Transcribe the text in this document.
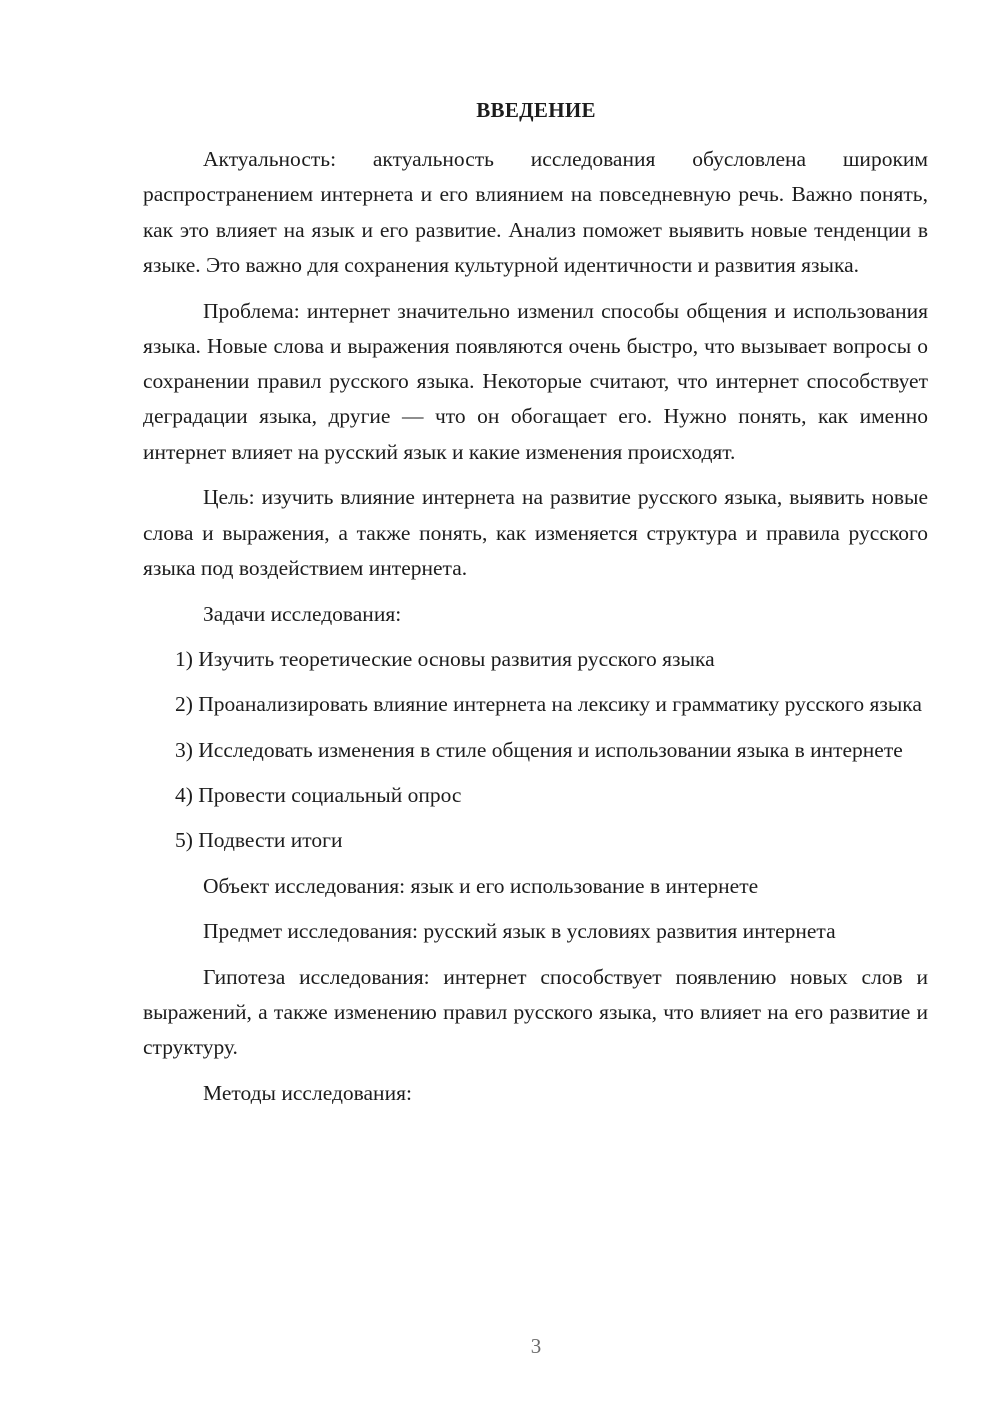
ВВЕДЕНИЕ

Актуальность: актуальность исследования обусловлена широким распространением интернета и его влиянием на повседневную речь. Важно понять, как это влияет на язык и его развитие. Анализ поможет выявить новые тенденции в языке. Это важно для сохранения культурной идентичности и развития языка.

Проблема: интернет значительно изменил способы общения и использования языка. Новые слова и выражения появляются очень быстро, что вызывает вопросы о сохранении правил русского языка. Некоторые считают, что интернет способствует деградации языка, другие — что он обогащает его. Нужно понять, как именно интернет влияет на русский язык и какие изменения происходят.

Цель: изучить влияние интернета на развитие русского языка, выявить новые слова и выражения, а также понять, как изменяется структура и правила русского языка под воздействием интернета.

Задачи исследования:

1) Изучить теоретические основы развития русского языка

2) Проанализировать влияние интернета на лексику и грамматику русского языка

3) Исследовать изменения в стиле общения и использовании языка в интернете

4) Провести социальный опрос

5) Подвести итоги

Объект исследования: язык и его использование в интернете

Предмет исследования: русский язык в условиях развития интернета

Гипотеза исследования: интернет способствует появлению новых слов и выражений, а также изменению правил русского языка, что влияет на его развитие и структуру.

Методы исследования:

3
